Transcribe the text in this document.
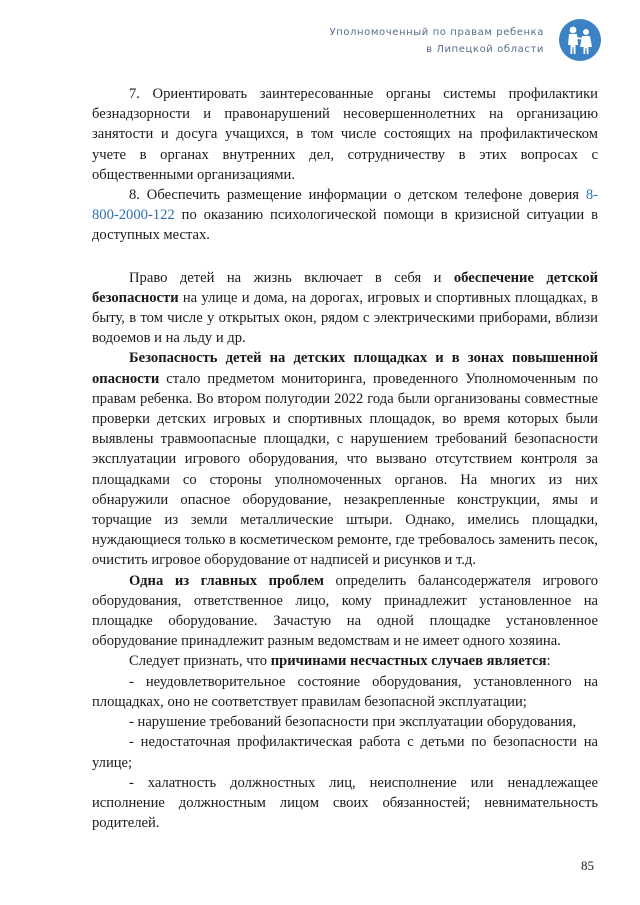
Уполномоченный по правам ребенка
в Липецкой области

7. Ориентировать заинтересованные органы системы профилактики безнадзорности и правонарушений несовершеннолетних на организацию занятости и досуга учащихся, в том числе состоящих на профилактическом учете в органах внутренних дел, сотрудничеству в этих вопросах с общественными организациями.

8. Обеспечить размещение информации о детском телефоне доверия 8-800-2000-122 по оказанию психологической помощи в кризисной ситуации в доступных местах.

Право детей на жизнь включает в себя и обеспечение детской безопасности на улице и дома, на дорогах, игровых и спортивных площадках, в быту, в том числе у открытых окон, рядом с электрическими приборами, вблизи водоемов и на льду и др.

Безопасность детей на детских площадках и в зонах повышенной опасности стало предметом мониторинга, проведенного Уполномоченным по правам ребенка. Во втором полугодии 2022 года были организованы совместные проверки детских игровых и спортивных площадок, во время которых были выявлены травмоопасные площадки, с нарушением требований безопасности эксплуатации игрового оборудования, что вызвано отсутствием контроля за площадками со стороны уполномоченных органов. На многих из них обнаружили опасное оборудование, незакрепленные конструкции, ямы и торчащие из земли металлические штыри. Однако, имелись площадки, нуждающиеся только в косметическом ремонте, где требовалось заменить песок, очистить игровое оборудование от надписей и рисунков и т.д.

Одна из главных проблем определить балансодержателя игрового оборудования, ответственное лицо, кому принадлежит установленное на площадке оборудование. Зачастую на одной площадке установленное оборудование принадлежит разным ведомствам и не имеет одного хозяина.

Следует признать, что причинами несчастных случаев является:

- неудовлетворительное состояние оборудования, установленного на площадках, оно не соответствует правилам безопасной эксплуатации;

- нарушение требований безопасности при эксплуатации оборудования,

- недостаточная профилактическая работа с детьми по безопасности на улице;

- халатность должностных лиц, неисполнение или ненадлежащее исполнение должностным лицом своих обязанностей; невнимательность родителей.

85
